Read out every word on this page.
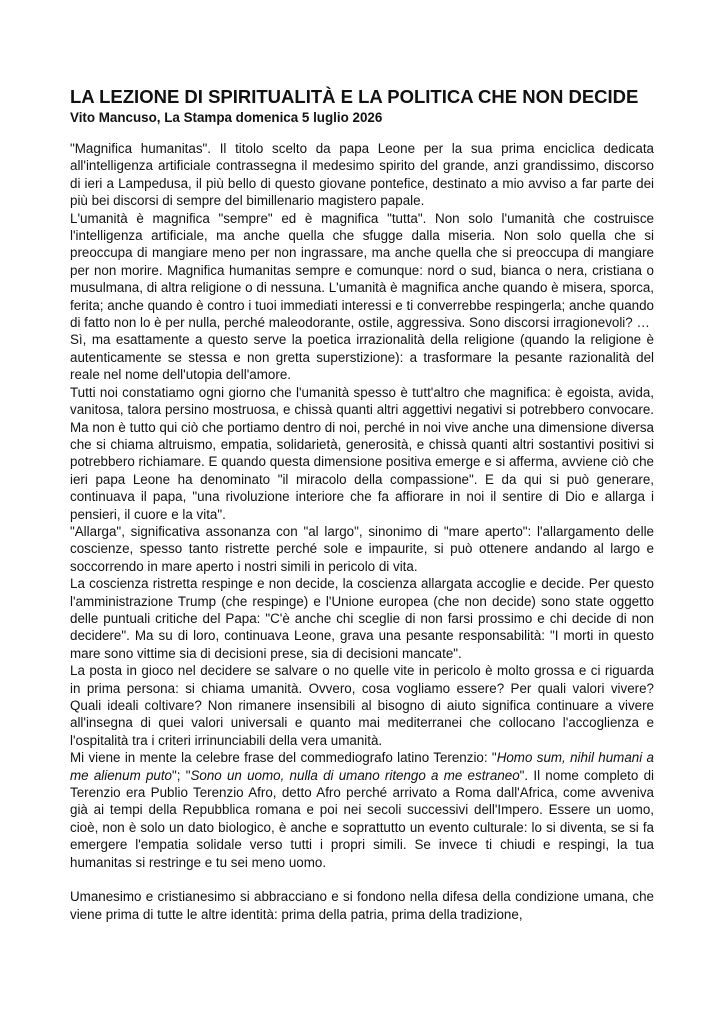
LA LEZIONE DI SPIRITUALITÀ E LA POLITICA CHE NON DECIDE
Vito Mancuso, La Stampa domenica 5 luglio 2026

"Magnifica humanitas". Il titolo scelto da papa Leone per la sua prima enciclica dedicata all'intelligenza artificiale contrassegna il medesimo spirito del grande, anzi grandissimo, discorso di ieri a Lampedusa, il più bello di questo giovane pontefice, destinato a mio avviso a far parte dei più bei discorsi di sempre del bimillenario magistero papale.

L'umanità è magnifica "sempre" ed è magnifica "tutta". Non solo l'umanità che costruisce l'intelligenza artificiale, ma anche quella che sfugge dalla miseria. Non solo quella che si preoccupa di mangiare meno per non ingrassare, ma anche quella che si preoccupa di mangiare per non morire. Magnifica humanitas sempre e comunque: nord o sud, bianca o nera, cristiana o musulmana, di altra religione o di nessuna. L'umanità è magnifica anche quando è misera, sporca, ferita; anche quando è contro i tuoi immediati interessi e ti converrebbe respingerla; anche quando di fatto non lo è per nulla, perché maleodorante, ostile, aggressiva. Sono discorsi irragionevoli? …

Sì, ma esattamente a questo serve la poetica irrazionalità della religione (quando la religione è autenticamente se stessa e non gretta superstizione): a trasformare la pesante razionalità del reale nel nome dell'utopia dell'amore.

Tutti noi constatiamo ogni giorno che l'umanità spesso è tutt'altro che magnifica: è egoista, avida, vanitosa, talora persino mostruosa, e chissà quanti altri aggettivi negativi si potrebbero convocare. Ma non è tutto qui ciò che portiamo dentro di noi, perché in noi vive anche una dimensione diversa che si chiama altruismo, empatia, solidarietà, generosità, e chissà quanti altri sostantivi positivi si potrebbero richiamare. E quando questa dimensione positiva emerge e si afferma, avviene ciò che ieri papa Leone ha denominato "il miracolo della compassione". E da qui si può generare, continuava il papa, "una rivoluzione interiore che fa affiorare in noi il sentire di Dio e allarga i pensieri, il cuore e la vita".

"Allarga", significativa assonanza con "al largo", sinonimo di "mare aperto": l'allargamento delle coscienze, spesso tanto ristrette perché sole e impaurite, si può ottenere andando al largo e soccorrendo in mare aperto i nostri simili in pericolo di vita.

La coscienza ristretta respinge e non decide, la coscienza allargata accoglie e decide. Per questo l'amministrazione Trump (che respinge) e l'Unione europea (che non decide) sono state oggetto delle puntuali critiche del Papa: "C'è anche chi sceglie di non farsi prossimo e chi decide di non decidere". Ma su di loro, continuava Leone, grava una pesante responsabilità: "I morti in questo mare sono vittime sia di decisioni prese, sia di decisioni mancate".

La posta in gioco nel decidere se salvare o no quelle vite in pericolo è molto grossa e ci riguarda in prima persona: si chiama umanità. Ovvero, cosa vogliamo essere? Per quali valori vivere? Quali ideali coltivare? Non rimanere insensibili al bisogno di aiuto significa continuare a vivere all'insegna di quei valori universali e quanto mai mediterranei che collocano l'accoglienza e l'ospitalità tra i criteri irrinunciabili della vera umanità.

Mi viene in mente la celebre frase del commediografo latino Terenzio: "Homo sum, nihil humani a me alienum puto"; "Sono un uomo, nulla di umano ritengo a me estraneo". Il nome completo di Terenzio era Publio Terenzio Afro, detto Afro perché arrivato a Roma dall'Africa, come avveniva già ai tempi della Repubblica romana e poi nei secoli successivi dell'Impero. Essere un uomo, cioè, non è solo un dato biologico, è anche e soprattutto un evento culturale: lo si diventa, se si fa emergere l'empatia solidale verso tutti i propri simili. Se invece ti chiudi e respingi, la tua humanitas si restringe e tu sei meno uomo.

Umanesimo e cristianesimo si abbracciano e si fondono nella difesa della condizione umana, che viene prima di tutte le altre identità: prima della patria, prima della tradizione,
